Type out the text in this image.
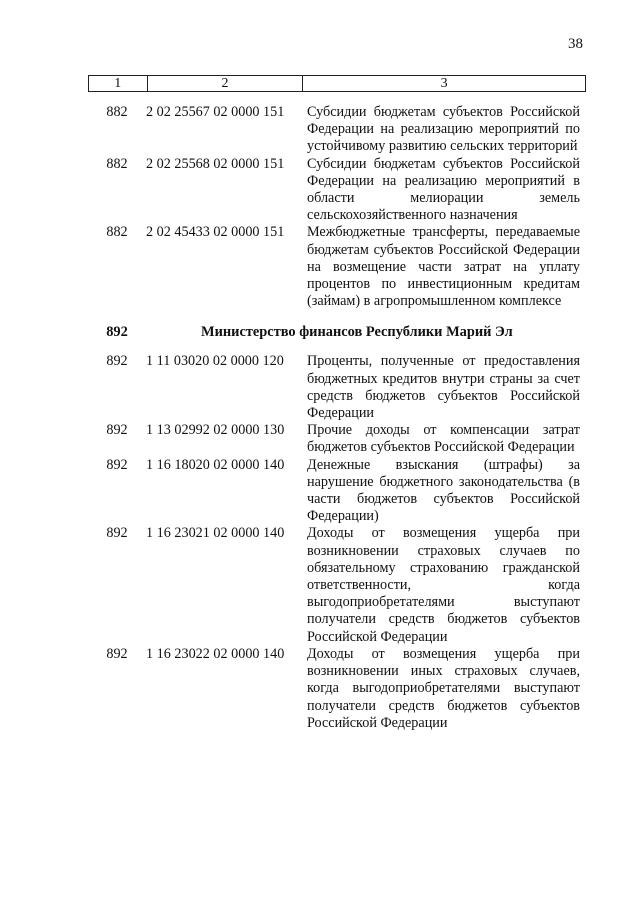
38
1	2	3
882	2 02 25567 02 0000 151	Субсидии бюджетам субъектов Российской Федерации на реализацию мероприятий по устойчивому развитию сельских территорий
882	2 02 25568 02 0000 151	Субсидии бюджетам субъектов Российской Федерации на реализацию мероприятий в области мелиорации земель сельскохозяйственного назначения
882	2 02 45433 02 0000 151	Межбюджетные трансферты, передаваемые бюджетам субъектов Российской Федерации на возмещение части затрат на уплату процентов по инвестиционным кредитам (займам) в агропромышленном комплексе
892	Министерство финансов Республики Марий Эл
892	1 11 03020 02 0000 120	Проценты, полученные от предоставления бюджетных кредитов внутри страны за счет средств бюджетов субъектов Российской Федерации
892	1 13 02992 02 0000 130	Прочие доходы от компенсации затрат бюджетов субъектов Российской Федерации
892	1 16 18020 02 0000 140	Денежные взыскания (штрафы) за нарушение бюджетного законодательства (в части бюджетов субъектов Российской Федерации)
892	1 16 23021 02 0000 140	Доходы от возмещения ущерба при возникновении страховых случаев по обязательному страхованию гражданской ответственности, когда выгодоприобретателями выступают получатели средств бюджетов субъектов Российской Федерации
892	1 16 23022 02 0000 140	Доходы от возмещения ущерба при возникновении иных страховых случаев, когда выгодоприобретателями выступают получатели средств бюджетов субъектов Российской Федерации
